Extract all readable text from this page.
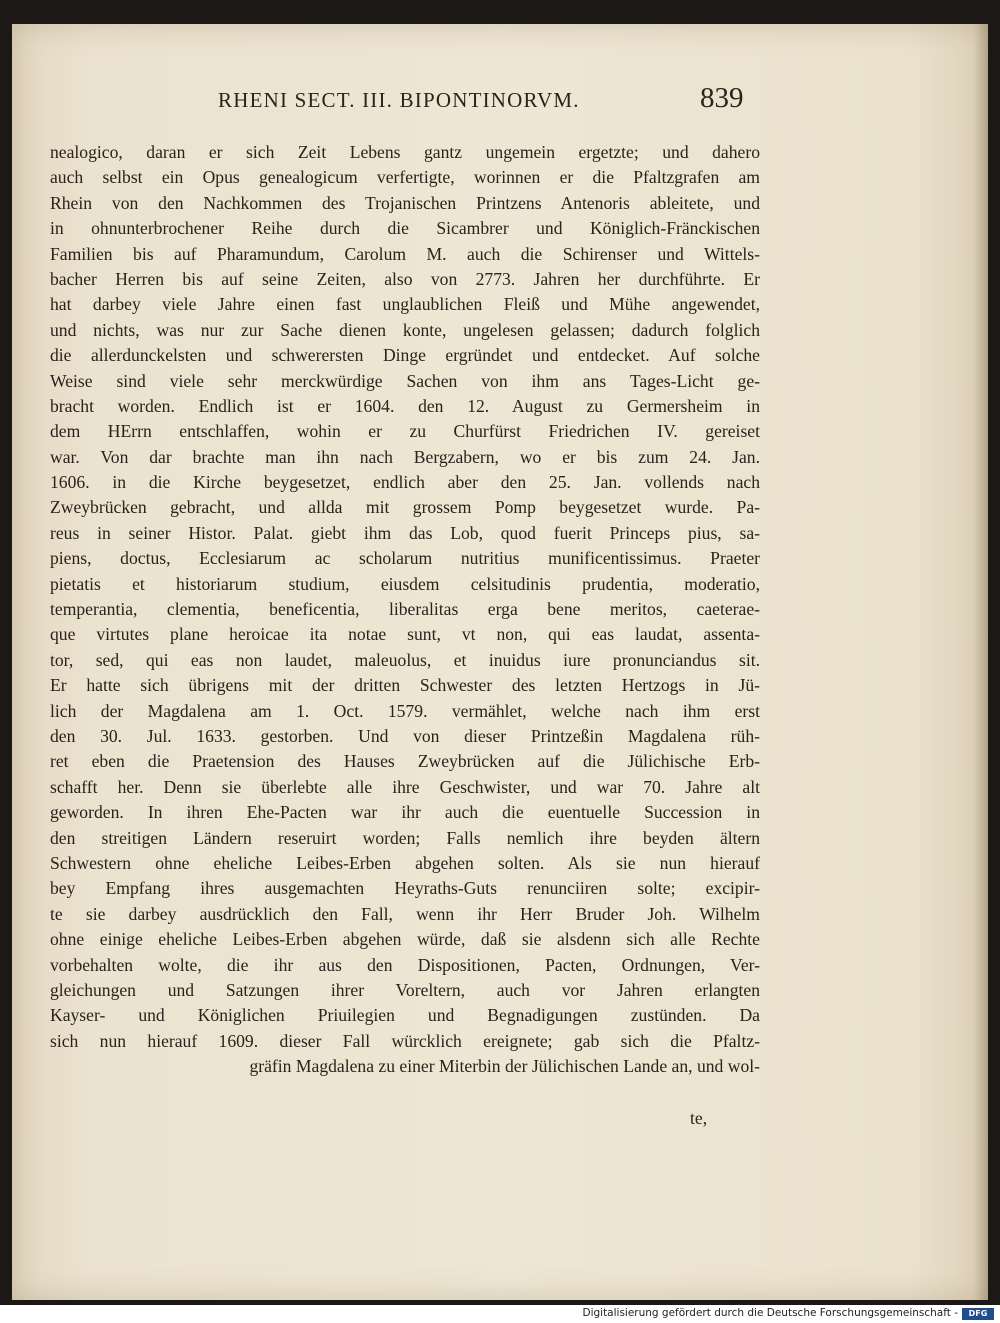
RHENI SECT. III. BIPONTINORVM.	839
nealogico, daran er sich Zeit Lebens gantz ungemein ergetzte; und dahero
auch selbst ein Opus genealogicum verfertigte, worinnen er die Pfaltzgrafen am
Rhein von den Nachkommen des Trojanischen Printzens Antenoris ableitete, und
in ohnunterbrochener Reihe durch die Sicambrer und Königlich-Fränckischen
Familien bis auf Pharamundum, Carolum M. auch die Schirenser und Wittels-
bacher Herren bis auf seine Zeiten, also von 2773. Jahren her durchführte. Er
hat darbey viele Jahre einen fast unglaublichen Fleiß und Mühe angewendet,
und nichts, was nur zur Sache dienen konte, ungelesen gelassen; dadurch folglich
die allerdunckelsten und schwerersten Dinge ergründet und entdecket. Auf solche
Weise sind viele sehr merckwürdige Sachen von ihm ans Tages-Licht ge-
bracht worden. Endlich ist er 1604. den 12. August zu Germersheim in
dem HErrn entschlaffen, wohin er zu Churfürst Friedrichen IV. gereiset
war. Von dar brachte man ihn nach Bergzabern, wo er bis zum 24. Jan.
1606. in die Kirche beygesetzet, endlich aber den 25. Jan. vollends nach
Zweybrücken gebracht, und allda mit grossem Pomp beygesetzet wurde. Pa-
reus in seiner Histor. Palat. giebt ihm das Lob, quod fuerit Princeps pius, sa-
piens, doctus, Ecclesiarum ac scholarum nutritius munificentissimus. Praeter
pietatis et historiarum studium, eiusdem celsitudinis prudentia, moderatio,
temperantia, clementia, beneficentia, liberalitas erga bene meritos, caeterae-
que virtutes plane heroicae ita notae sunt, vt non, qui eas laudat, assenta-
tor, sed, qui eas non laudet, maleuolus, et inuidus iure pronunciandus sit.
Er hatte sich übrigens mit der dritten Schwester des letzten Hertzogs in Jü-
lich der Magdalena am 1. Oct. 1579. vermählet, welche nach ihm erst
den 30. Jul. 1633. gestorben. Und von dieser Printzeßin Magdalena rüh-
ret eben die Praetension des Hauses Zweybrücken auf die Jülichische Erb-
schafft her. Denn sie überlebte alle ihre Geschwister, und war 70. Jahre alt
geworden. In ihren Ehe-Pacten war ihr auch die euentuelle Succession in
den streitigen Ländern reseruirt worden; Falls nemlich ihre beyden ältern
Schwestern ohne eheliche Leibes-Erben abgehen solten. Als sie nun hierauf
bey Empfang ihres ausgemachten Heyraths-Guts renunciiren solte; excipir-
te sie darbey ausdrücklich den Fall, wenn ihr Herr Bruder Joh. Wilhelm
ohne einige eheliche Leibes-Erben abgehen würde, daß sie alsdenn sich alle Rechte
vorbehalten wolte, die ihr aus den Dispositionen, Pacten, Ordnungen, Ver-
gleichungen und Satzungen ihrer Voreltern, auch vor Jahren erlangten
Kayser- und Königlichen Priuilegien und Begnadigungen zustünden. Da
sich nun hierauf 1609. dieser Fall würcklich ereignete; gab sich die Pfaltz-
gräfin Magdalena zu einer Miterbin der Jülichischen Lande an, und wol-
te,
Digitalisierung gefördert durch die Deutsche Forschungsgemeinschaft -	DFG
